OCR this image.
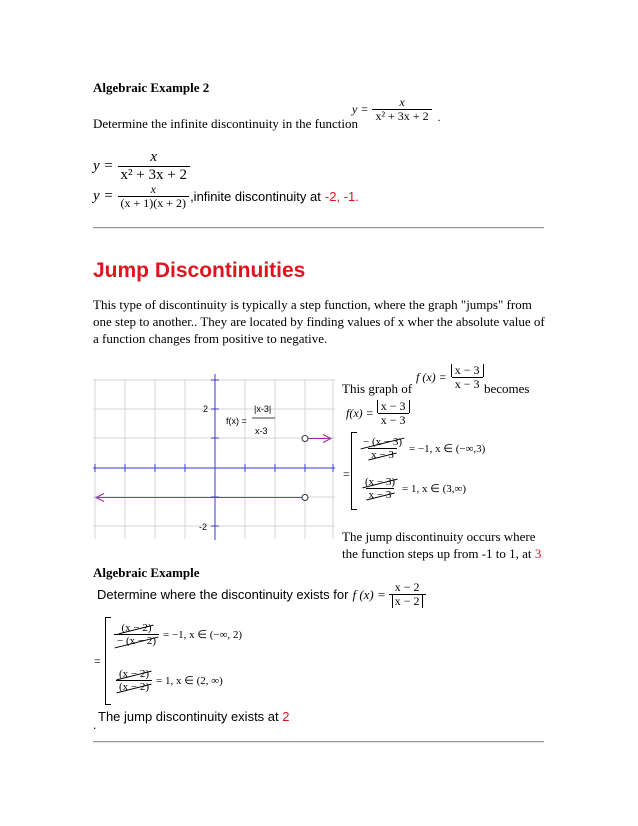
Algebraic Example 2
Determine the infinite discontinuity in the function
$y = \frac{x}{\text{x² + 3x + 2}}$ .
$y = \frac{x}{\text{x² + 3x + 2}}$
$y = \frac{x}{(x + 1)(x + 2)}$ ,infinite discontinuity at -2, -1.
Jump Discontinuities
This type of discontinuity is typically a step function, where the graph "jumps" from one step to another.. They are located by finding values of x wher the absolute value of a function changes from positive to negative.
2
-2
f(x) =
|x-3|
x-3
This graph of
f $(x) = \frac{x - 3}{x - 3}$ becomes
$f(x) = \frac{x - 3}{x - 3}$
=
$\frac{- (x - 3)}{x - 3} = -1$, x ∈ (−∞,3)
$\frac{(x - 3)}{x - 3} = 1$, x ∈ (3,∞)
The jump discontinuity occurs where the function steps up from -1 to 1, at 3
Algebraic Example
Determine where the discontinuity exists for f $(x) = \frac{x - 2}{x - 2}$
=
$\frac{(x - 2)}{- (x - 2)} = -1$, x ∈ (−∞, 2)
$\frac{(x - 2)}{(x - 2)} = 1$, x ∈ (2, ∞)
The jump discontinuity exists at 2
.
